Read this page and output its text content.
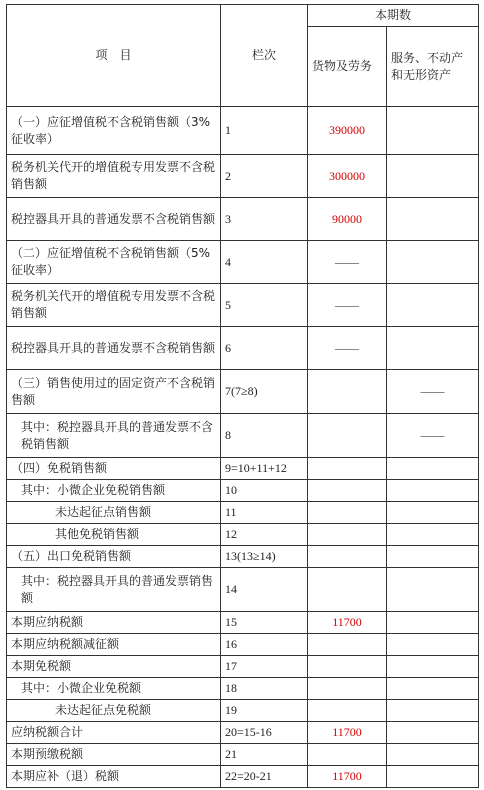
项　目	栏次	本期数	
		货物及劳务	服务、不动产和无形资产
（一）应征增值税不含税销售额（3%征收率）	1	390000	
税务机关代开的增值税专用发票不含税销售额	2	300000	
税控器具开具的普通发票不含税销售额	3	90000	
（二）应征增值税不含税销售额（5%征收率）	4	——	
税务机关代开的增值税专用发票不含税销售额	5	——	
税控器具开具的普通发票不含税销售额	6	——	
（三）销售使用过的固定资产不含税销售额	7(7≥8)		——
其中：税控器具开具的普通发票不含税销售额	8		——
（四）免税销售额	9=10+11+12		
其中：小微企业免税销售额	10		
未达起征点销售额	11		
其他免税销售额	12		
（五）出口免税销售额	13(13≥14)		
其中：税控器具开具的普通发票销售额	14		
本期应纳税额	15	11700	
本期应纳税额减征额	16		
本期免税额	17		
其中：小微企业免税额	18		
未达起征点免税额	19		
应纳税额合计	20=15-16	11700	
本期预缴税额	21		
本期应补（退）税额	22=20-21	11700	
